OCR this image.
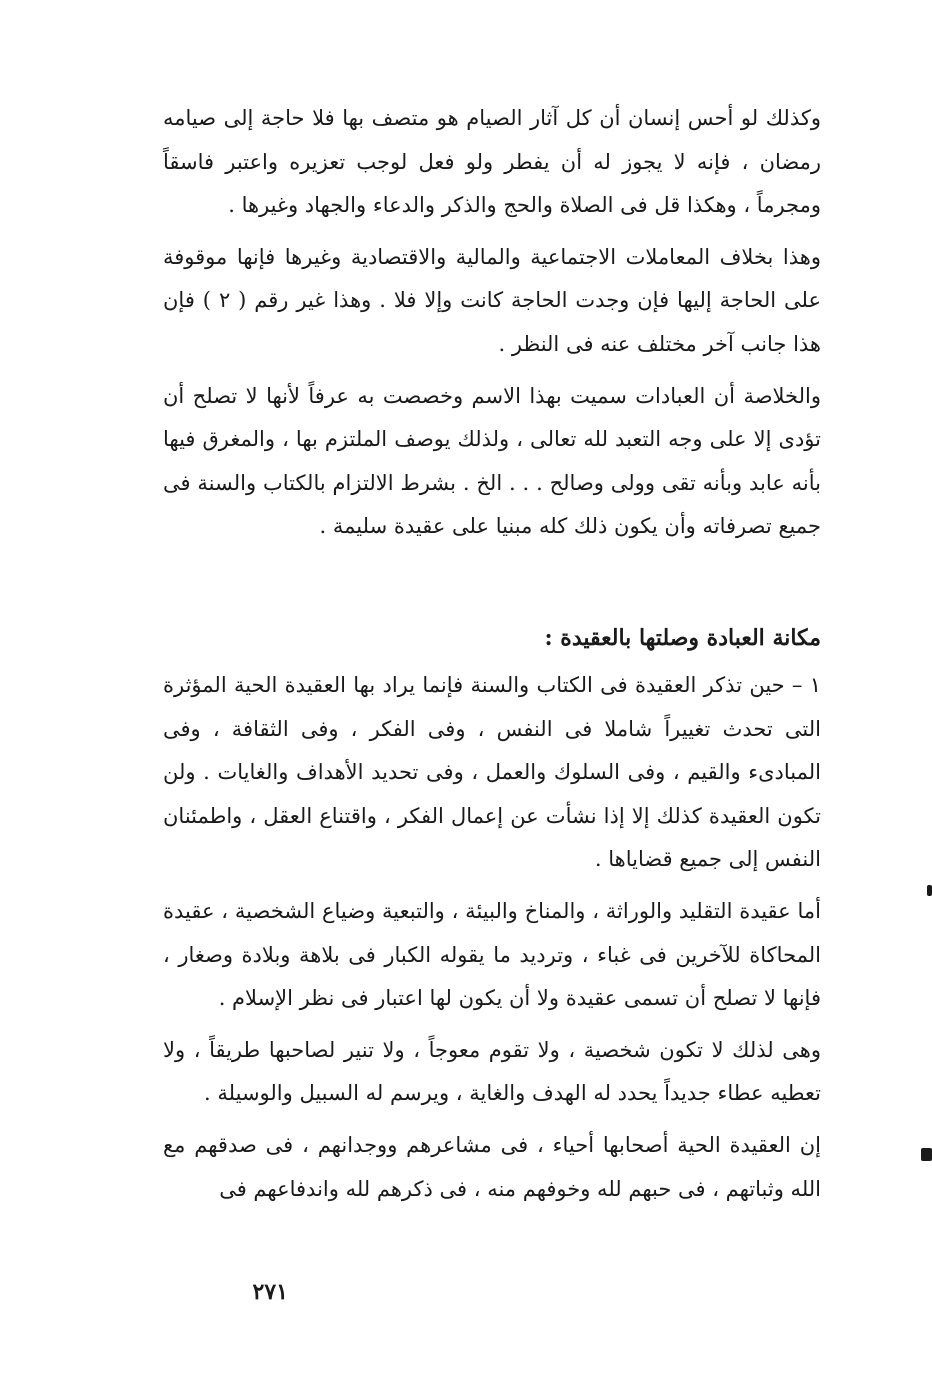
وكذلك لو أحس إنسان أن كل آثار الصيام هو متصف بها فلا حاجة إلى صيامه رمضان ، فإنه لا يجوز له أن يفطر ولو فعل لوجب تعزيره واعتبر فاسقاً ومجرماً ، وهكذا قل فى الصلاة والحج والذكر والدعاء والجهاد وغيرها .

وهذا بخلاف المعاملات الاجتماعية والمالية والاقتصادية وغيرها فإنها موقوفة على الحاجة إليها فإن وجدت الحاجة كانت وإلا فلا . وهذا غير رقم ( ٢ ) فإن هذا جانب آخر مختلف عنه فى النظر .

والخلاصة أن العبادات سميت بهذا الاسم وخصصت به عرفاً لأنها لا تصلح أن تؤدى إلا على وجه التعبد لله تعالى ، ولذلك يوصف الملتزم بها ، والمغرق فيها بأنه عابد وبأنه تقى وولى وصالح . . . الخ . بشرط الالتزام بالكتاب والسنة فى جميع تصرفاته وأن يكون ذلك كله مبنيا على عقيدة سليمة .

مكانة العبادة وصلتها بالعقيدة :

١ – حين تذكر العقيدة فى الكتاب والسنة فإنما يراد بها العقيدة الحية المؤثرة التى تحدث تغييراً شاملا فى النفس ، وفى الفكر ، وفى الثقافة ، وفى المبادىء والقيم ، وفى السلوك والعمل ، وفى تحديد الأهداف والغايات . ولن تكون العقيدة كذلك إلا إذا نشأت عن إعمال الفكر ، واقتناع العقل ، واطمئنان النفس إلى جميع قضاياها .

أما عقيدة التقليد والوراثة ، والمناخ والبيئة ، والتبعية وضياع الشخصية ، عقيدة المحاكاة للآخرين فى غباء ، وترديد ما يقوله الكبار فى بلاهة وبلادة وصغار ، فإنها لا تصلح أن تسمى عقيدة ولا أن يكون لها اعتبار فى نظر الإسلام .

وهى لذلك لا تكون شخصية ، ولا تقوم معوجاً ، ولا تنير لصاحبها طريقاً ، ولا تعطيه عطاء جديداً يحدد له الهدف والغاية ، ويرسم له السبيل والوسيلة .

إن العقيدة الحية أصحابها أحياء ، فى مشاعرهم ووجدانهم ، فى صدقهم مع الله وثباتهم ، فى حبهم لله وخوفهم منه ، فى ذكرهم لله واندفاعهم فى

٢٧١
